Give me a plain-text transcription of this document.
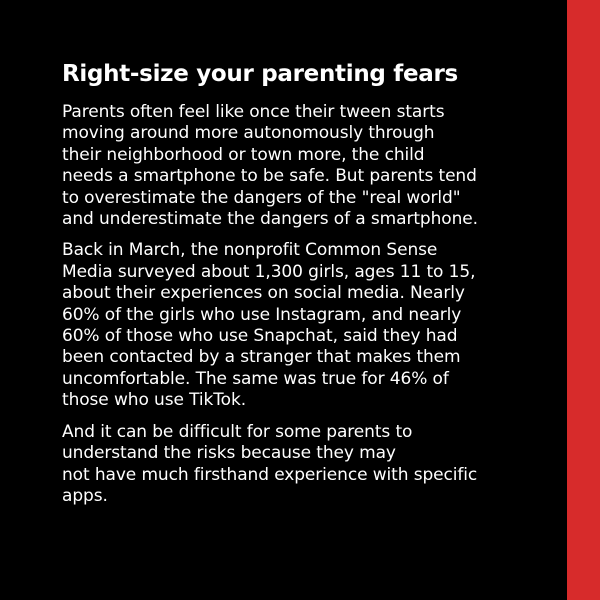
Right-size your parenting fears

Parents often feel like once their tween starts
moving around more autonomously through
their neighborhood or town more, the child
needs a smartphone to be safe. But parents tend
to overestimate the dangers of the "real world"
and underestimate the dangers of a smartphone.

Back in March, the nonprofit Common Sense
Media surveyed about 1,300 girls, ages 11 to 15,
about their experiences on social media. Nearly
60% of the girls who use Instagram, and nearly
60% of those who use Snapchat, said they had
been contacted by a stranger that makes them
uncomfortable. The same was true for 46% of
those who use TikTok.

And it can be difficult for some parents to
understand the risks because they may
not have much firsthand experience with specific
apps.
